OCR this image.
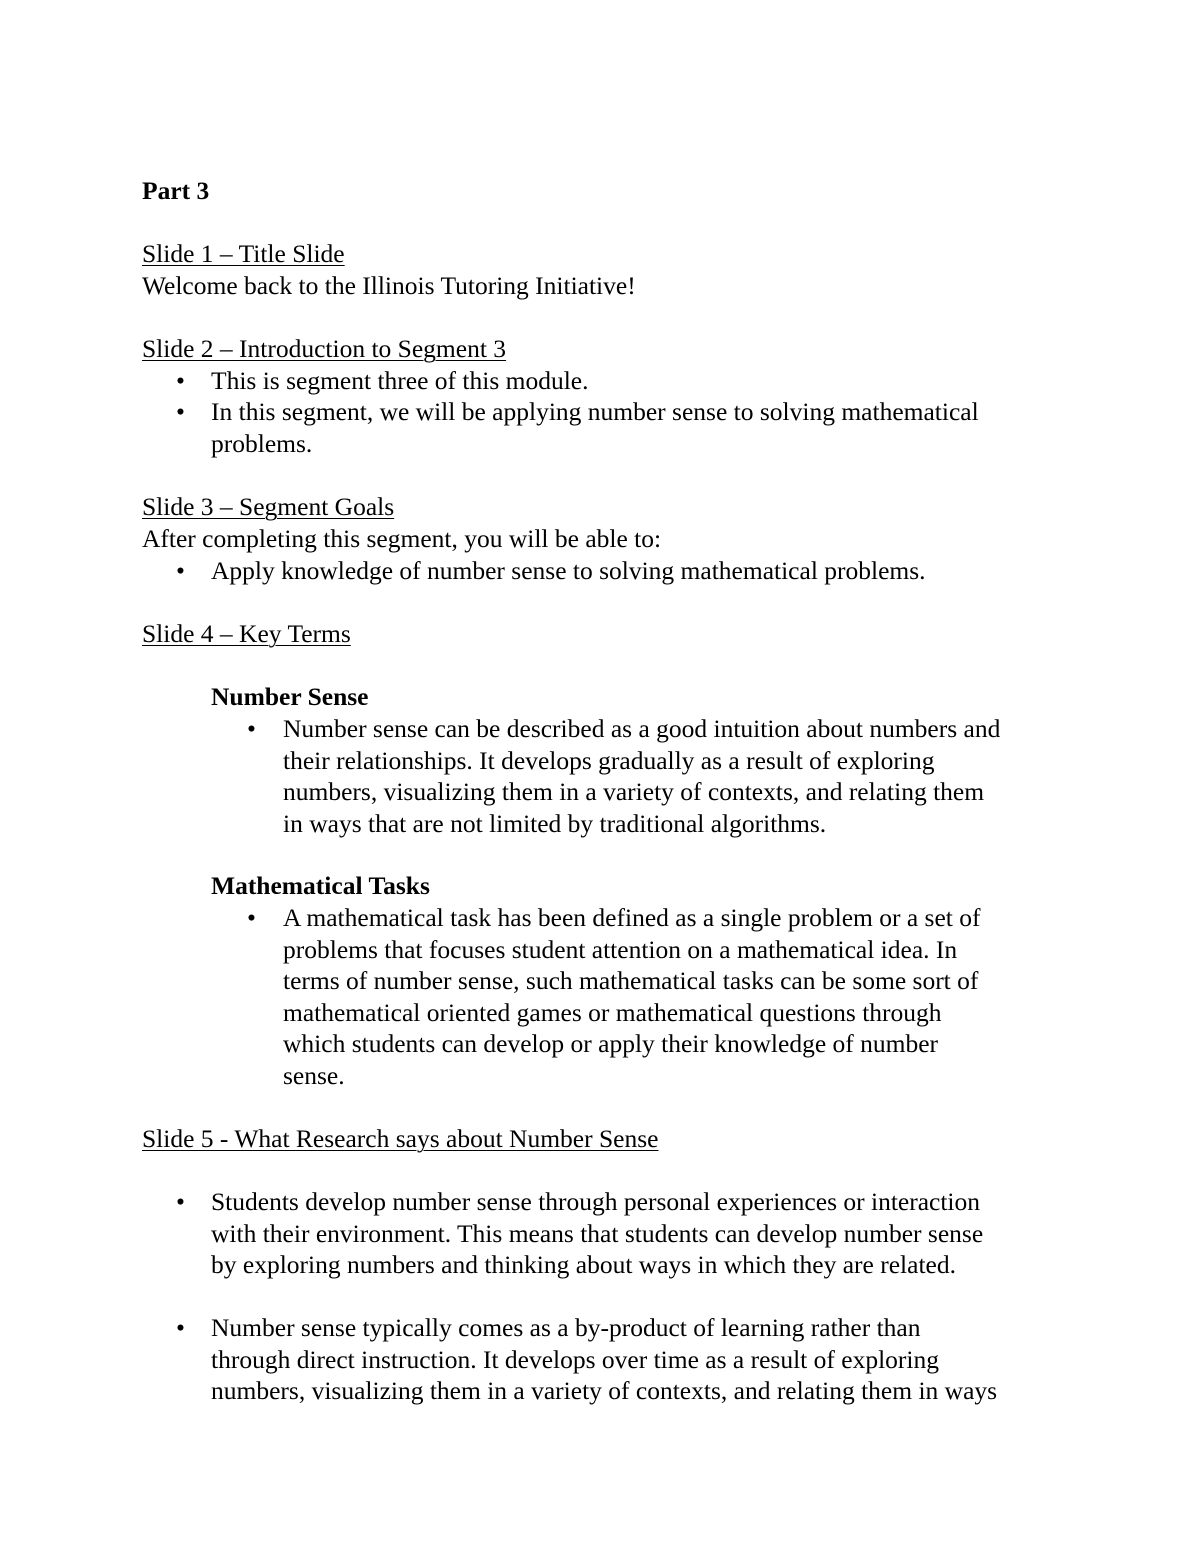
Part 3

Slide 1 – Title Slide

Welcome back to the Illinois Tutoring Initiative!

Slide 2 – Introduction to Segment 3

• This is segment three of this module.

• In this segment, we will be applying number sense to solving mathematical
problems.

Slide 3 – Segment Goals

After completing this segment, you will be able to:

• Apply knowledge of number sense to solving mathematical problems.

Slide 4 – Key Terms

Number Sense

• Number sense can be described as a good intuition about numbers and
their relationships. It develops gradually as a result of exploring
numbers, visualizing them in a variety of contexts, and relating them
in ways that are not limited by traditional algorithms.

Mathematical Tasks

• A mathematical task has been defined as a single problem or a set of
problems that focuses student attention on a mathematical idea. In
terms of number sense, such mathematical tasks can be some sort of
mathematical oriented games or mathematical questions through
which students can develop or apply their knowledge of number
sense.

Slide 5 - What Research says about Number Sense

• Students develop number sense through personal experiences or interaction
with their environment. This means that students can develop number sense
by exploring numbers and thinking about ways in which they are related.
• Number sense typically comes as a by-product of learning rather than
through direct instruction. It develops over time as a result of exploring
numbers, visualizing them in a variety of contexts, and relating them in ways
